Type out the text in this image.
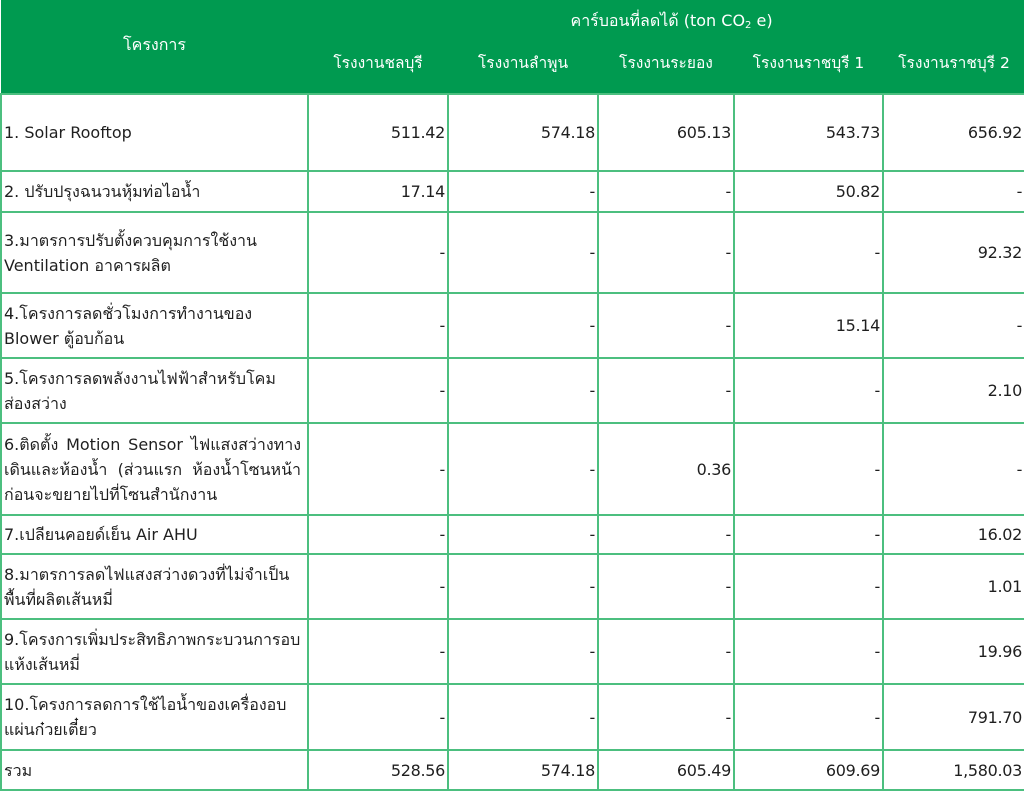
โครงการ	คาร์บอนที่ลดได้ (ton $CO_2$ e)				
	โรงงานชลบุรี	โรงงานลำพูน	โรงงานระยอง	โรงงานราชบุรี 1	โรงงานราชบุรี 2
1. Solar Rooftop	511.42	574.18	605.13	543.73	656.92
2. ปรับปรุงฉนวนหุ้มท่อไอน้ำ	17.14	-	-	50.82	-
3.มาตรการปรับตั้งควบคุมการใช้งาน Ventilation อาคารผลิต	-	-	-	-	92.32
4.โครงการลดชั่วโมงการทำงานของ Blower ตู้อบก้อน	-	-	-	15.14	-
5.โครงการลดพลังงานไฟฟ้าสำหรับโคมส่องสว่าง	-	-	-	-	2.10
6.ติดตั้ง Motion Sensor ไฟแสงสว่างทางเดินและห้องน้ำ (ส่วนแรก ห้องน้ำโซนหน้า ก่อนจะขยายไปที่โซนสำนักงาน	-	-	0.36	-	-
7.เปลียนคอยด์เย็น Air AHU	-	-	-	-	16.02
8.มาตรการลดไฟแสงสว่างดวงที่ไม่จำเป็น พื้นที่ผลิตเส้นหมี่	-	-	-	-	1.01
9.โครงการเพิ่มประสิทธิภาพกระบวนการอบแห้งเส้นหมี่	-	-	-	-	19.96
10.โครงการลดการใช้ไอน้ำของเครื่องอบแผ่นก๋วยเตี๋ยว	-	-	-	-	791.70
รวม	528.56	574.18	605.49	609.69	1,580.03
